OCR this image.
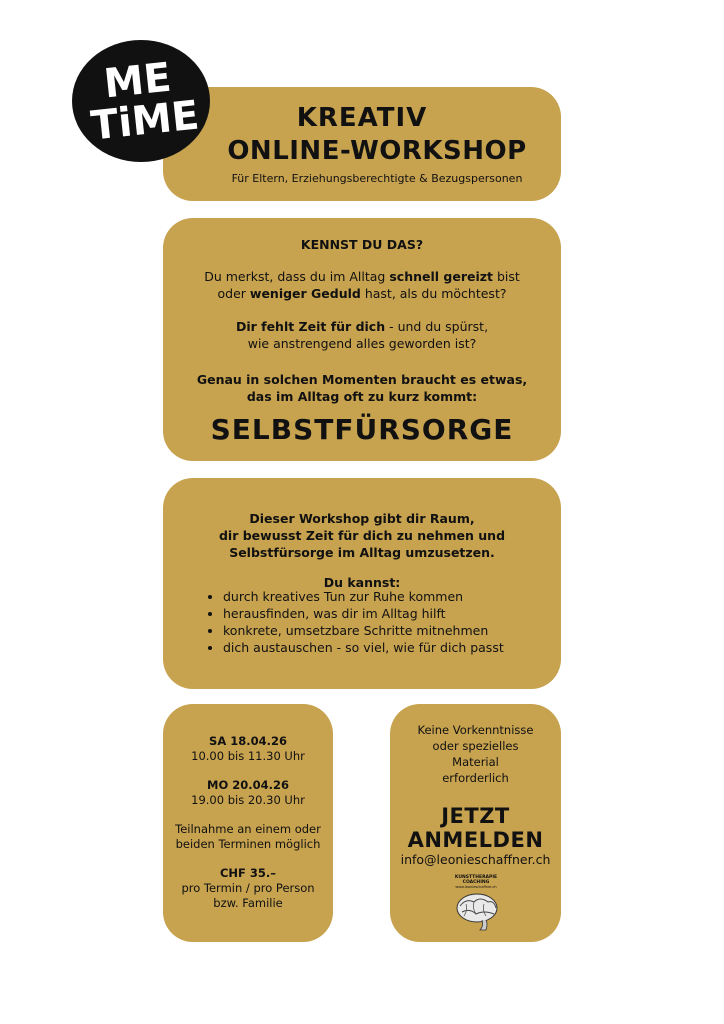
ME
TiME	KREATIV
ONLINE-WORKSHOP
Für Eltern, Erziehungsberechtigte & Bezugspersonen
KENNST DU DAS?
Du merkst, dass du im Alltag schnell gereizt bist
oder weniger Geduld hast, als du möchtest?
Dir fehlt Zeit für dich - und du spürst,
wie anstrengend alles geworden ist?
Genau in solchen Momenten braucht es etwas,
das im Alltag oft zu kurz kommt:
SELBSTFÜRSORGE
Dieser Workshop gibt dir Raum,
dir bewusst Zeit für dich zu nehmen und
Selbstfürsorge im Alltag umzusetzen.
Du kannst:
• durch kreatives Tun zur Ruhe kommen
• herausfinden, was dir im Alltag hilft
• konkrete, umsetzbare Schritte mitnehmen
• dich austauschen - so viel, wie für dich passt
SA 18.04.26
10.00 bis 11.30 Uhr
MO 20.04.26
19.00 bis 20.30 Uhr
Teilnahme an einem oder
beiden Terminen möglich
CHF 35.–
pro Termin / pro Person
bzw. Familie
Keine Vorkenntnisse
oder spezielles
Material
erforderlich
JETZT
ANMELDEN
info@leonieschaffner.ch
KUNSTTHERAPIE
COACHING
www.leonieschaffner.ch
